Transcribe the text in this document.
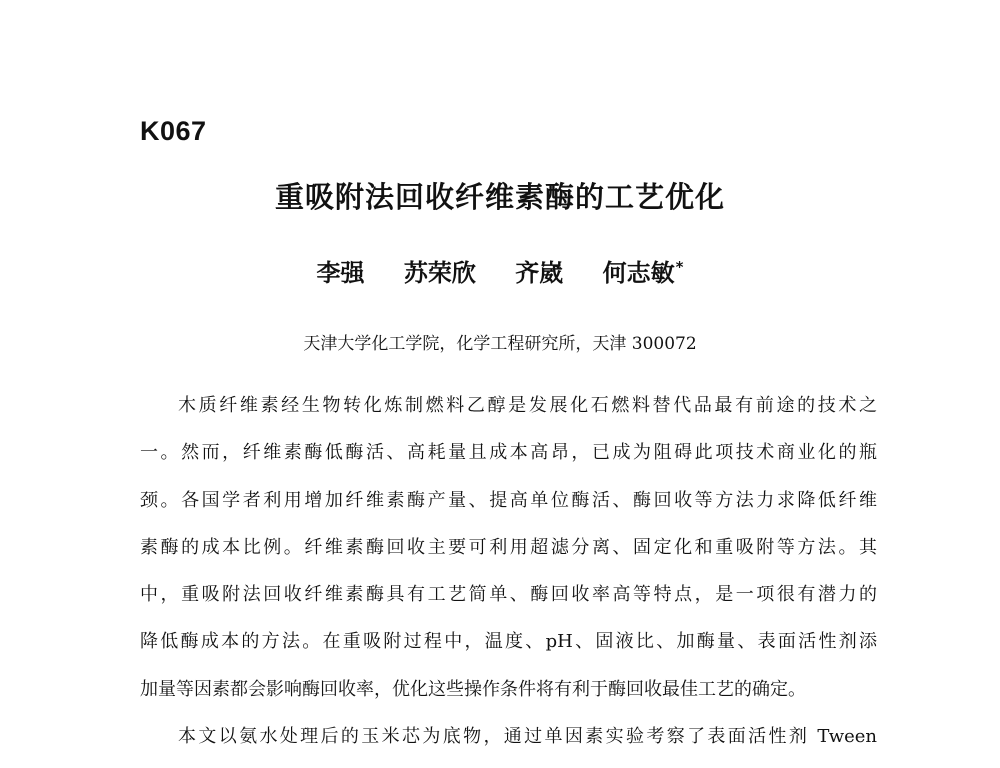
K067
重吸附法回收纤维素酶的工艺优化
李强 苏荣欣 齐崴 何志敏*
天津大学化工学院，化学工程研究所，天津 300072
木质纤维素经生物转化炼制燃料乙醇是发展化石燃料替代品最有前途的技术之
一。然而，纤维素酶低酶活、高耗量且成本高昂，已成为阻碍此项技术商业化的瓶
颈。各国学者利用增加纤维素酶产量、提高单位酶活、酶回收等方法力求降低纤维
素酶的成本比例。纤维素酶回收主要可利用超滤分离、固定化和重吸附等方法。其
中，重吸附法回收纤维素酶具有工艺简单、酶回收率高等特点，是一项很有潜力的
降低酶成本的方法。在重吸附过程中，温度、pH、固液比、加酶量、表面活性剂添
加量等因素都会影响酶回收率，优化这些操作条件将有利于酶回收最佳工艺的确定。
本文以氨水处理后的玉米芯为底物，通过单因素实验考察了表面活性剂 Tween
